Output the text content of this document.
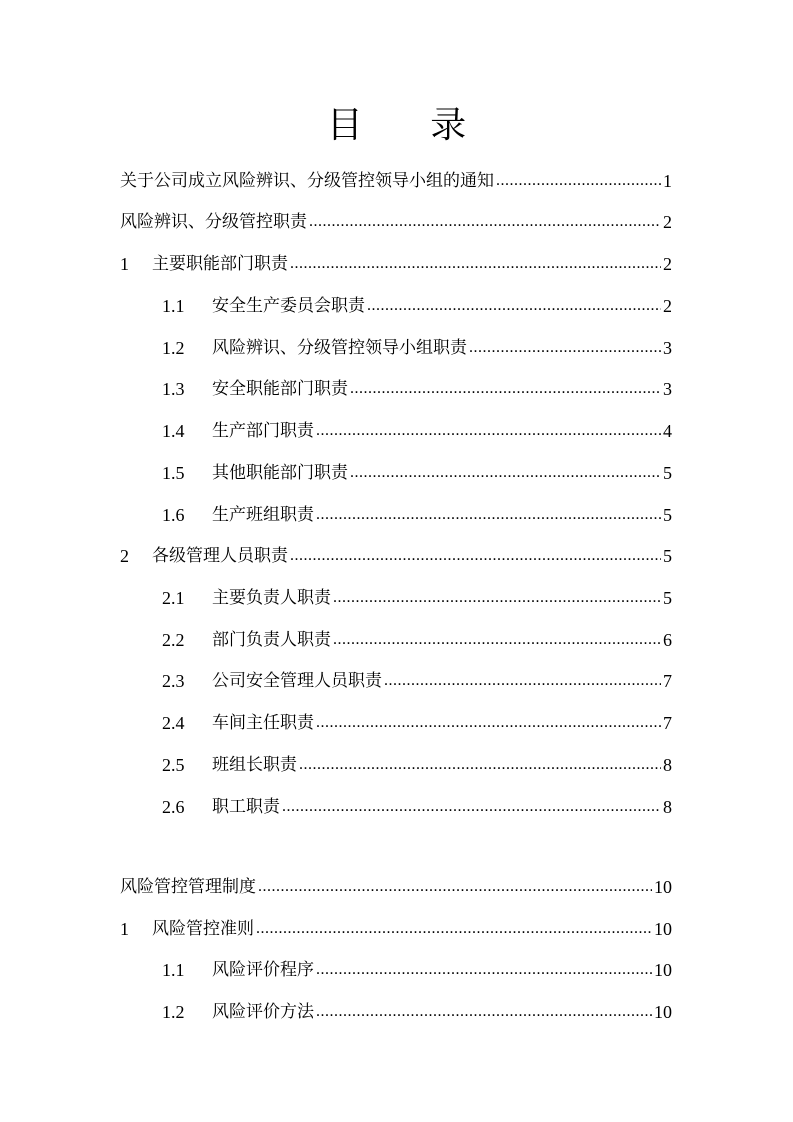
目 录
关于公司成立风险辨识、分级管控领导小组的通知 .....	1
风险辨识、分级管控职责 .....	2
1	主要职能部门职责 .....	2
1.1	安全生产委员会职责 .....	2
1.2	风险辨识、分级管控领导小组职责 .....	3
1.3	安全职能部门职责 .....	3
1.4	生产部门职责 .....	4
1.5	其他职能部门职责 .....	5
1.6	生产班组职责 .....	5
2	各级管理人员职责 .....	5
2.1	主要负责人职责 .....	5
2.2	部门负责人职责 .....	6
2.3	公司安全管理人员职责 .....	7
2.4	车间主任职责 .....	7
2.5	班组长职责 .....	8
2.6	职工职责 .....	8
风险管控管理制度 .....	10
1	风险管控准则 .....	10
1.1	风险评价程序 .....	10
1.2	风险评价方法 .....	10
